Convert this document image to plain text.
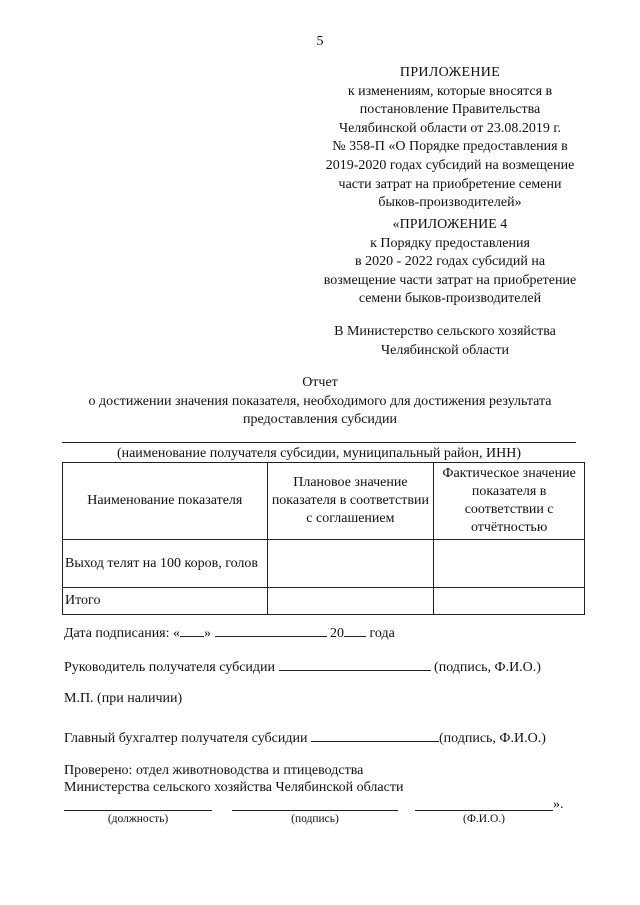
5
ПРИЛОЖЕНИЕ
к изменениям, которые вносятся в
постановление Правительства
Челябинской области от 23.08.2019 г.
№ 358-П «О Порядке предоставления в
2019-2020 годах субсидий на возмещение
части затрат на приобретение семени
быков-производителей»
«ПРИЛОЖЕНИЕ 4
к Порядку предоставления
в 2020 - 2022 годах субсидий на
возмещение части затрат на приобретение
семени быков-производителей
В Министерство сельского хозяйства
Челябинской области
Отчет
о достижении значения показателя, необходимого для достижения результата
предоставления субсидии
(наименование получателя субсидии, муниципальный район, ИНН)
Наименование показателя	Плановое значение показателя в соответствии с соглашением	Фактическое значение показателя в соответствии с отчётностью
Выход телят на 100 коров, голов		
Итого		
Дата подписания: « »	20 года
Руководитель получателя субсидии	(подпись, Ф.И.О.)
М.П. (при наличии)
Главный бухгалтер получателя субсидии	(подпись, Ф.И.О.)
Проверено: отдел животноводства и птицеводства
Министерства сельского хозяйства Челябинской области
».
(должность)	(подпись)	(Ф.И.О.)
